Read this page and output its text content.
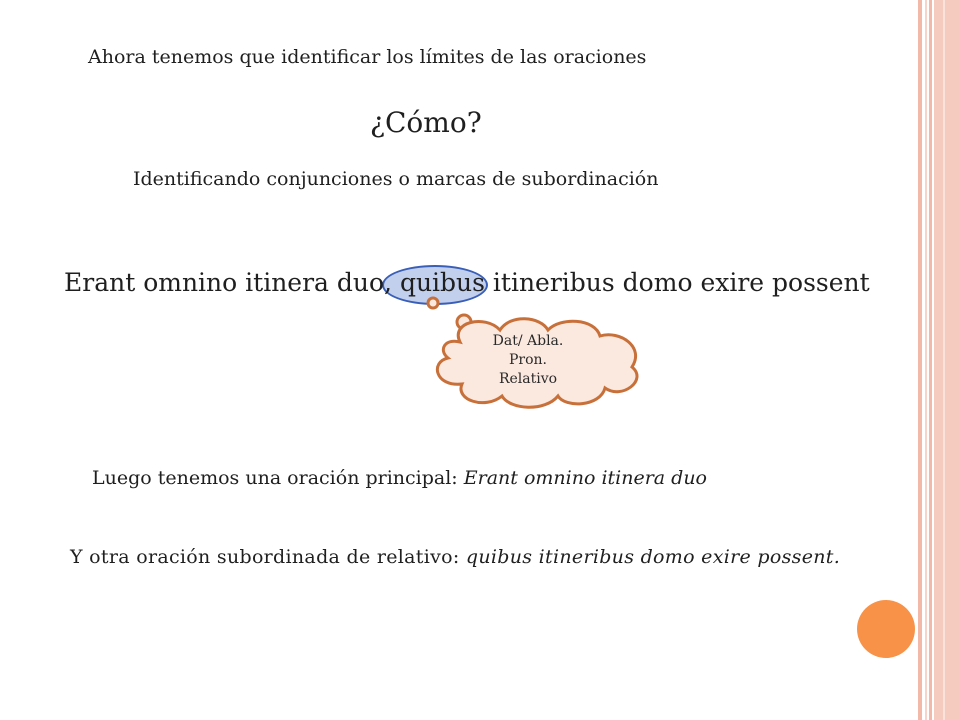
Ahora tenemos que identificar los límites de las oraciones
¿Cómo?
Identificando conjunciones o marcas de subordinación
Erant omnino itinera duo, quibus itineribus domo exire possent
Dat/ Abla.
Pron.
Relativo
Luego tenemos una oración principal: Erant omnino itinera duo
Y otra oración subordinada de relativo: quibus itineribus domo exire possent.
